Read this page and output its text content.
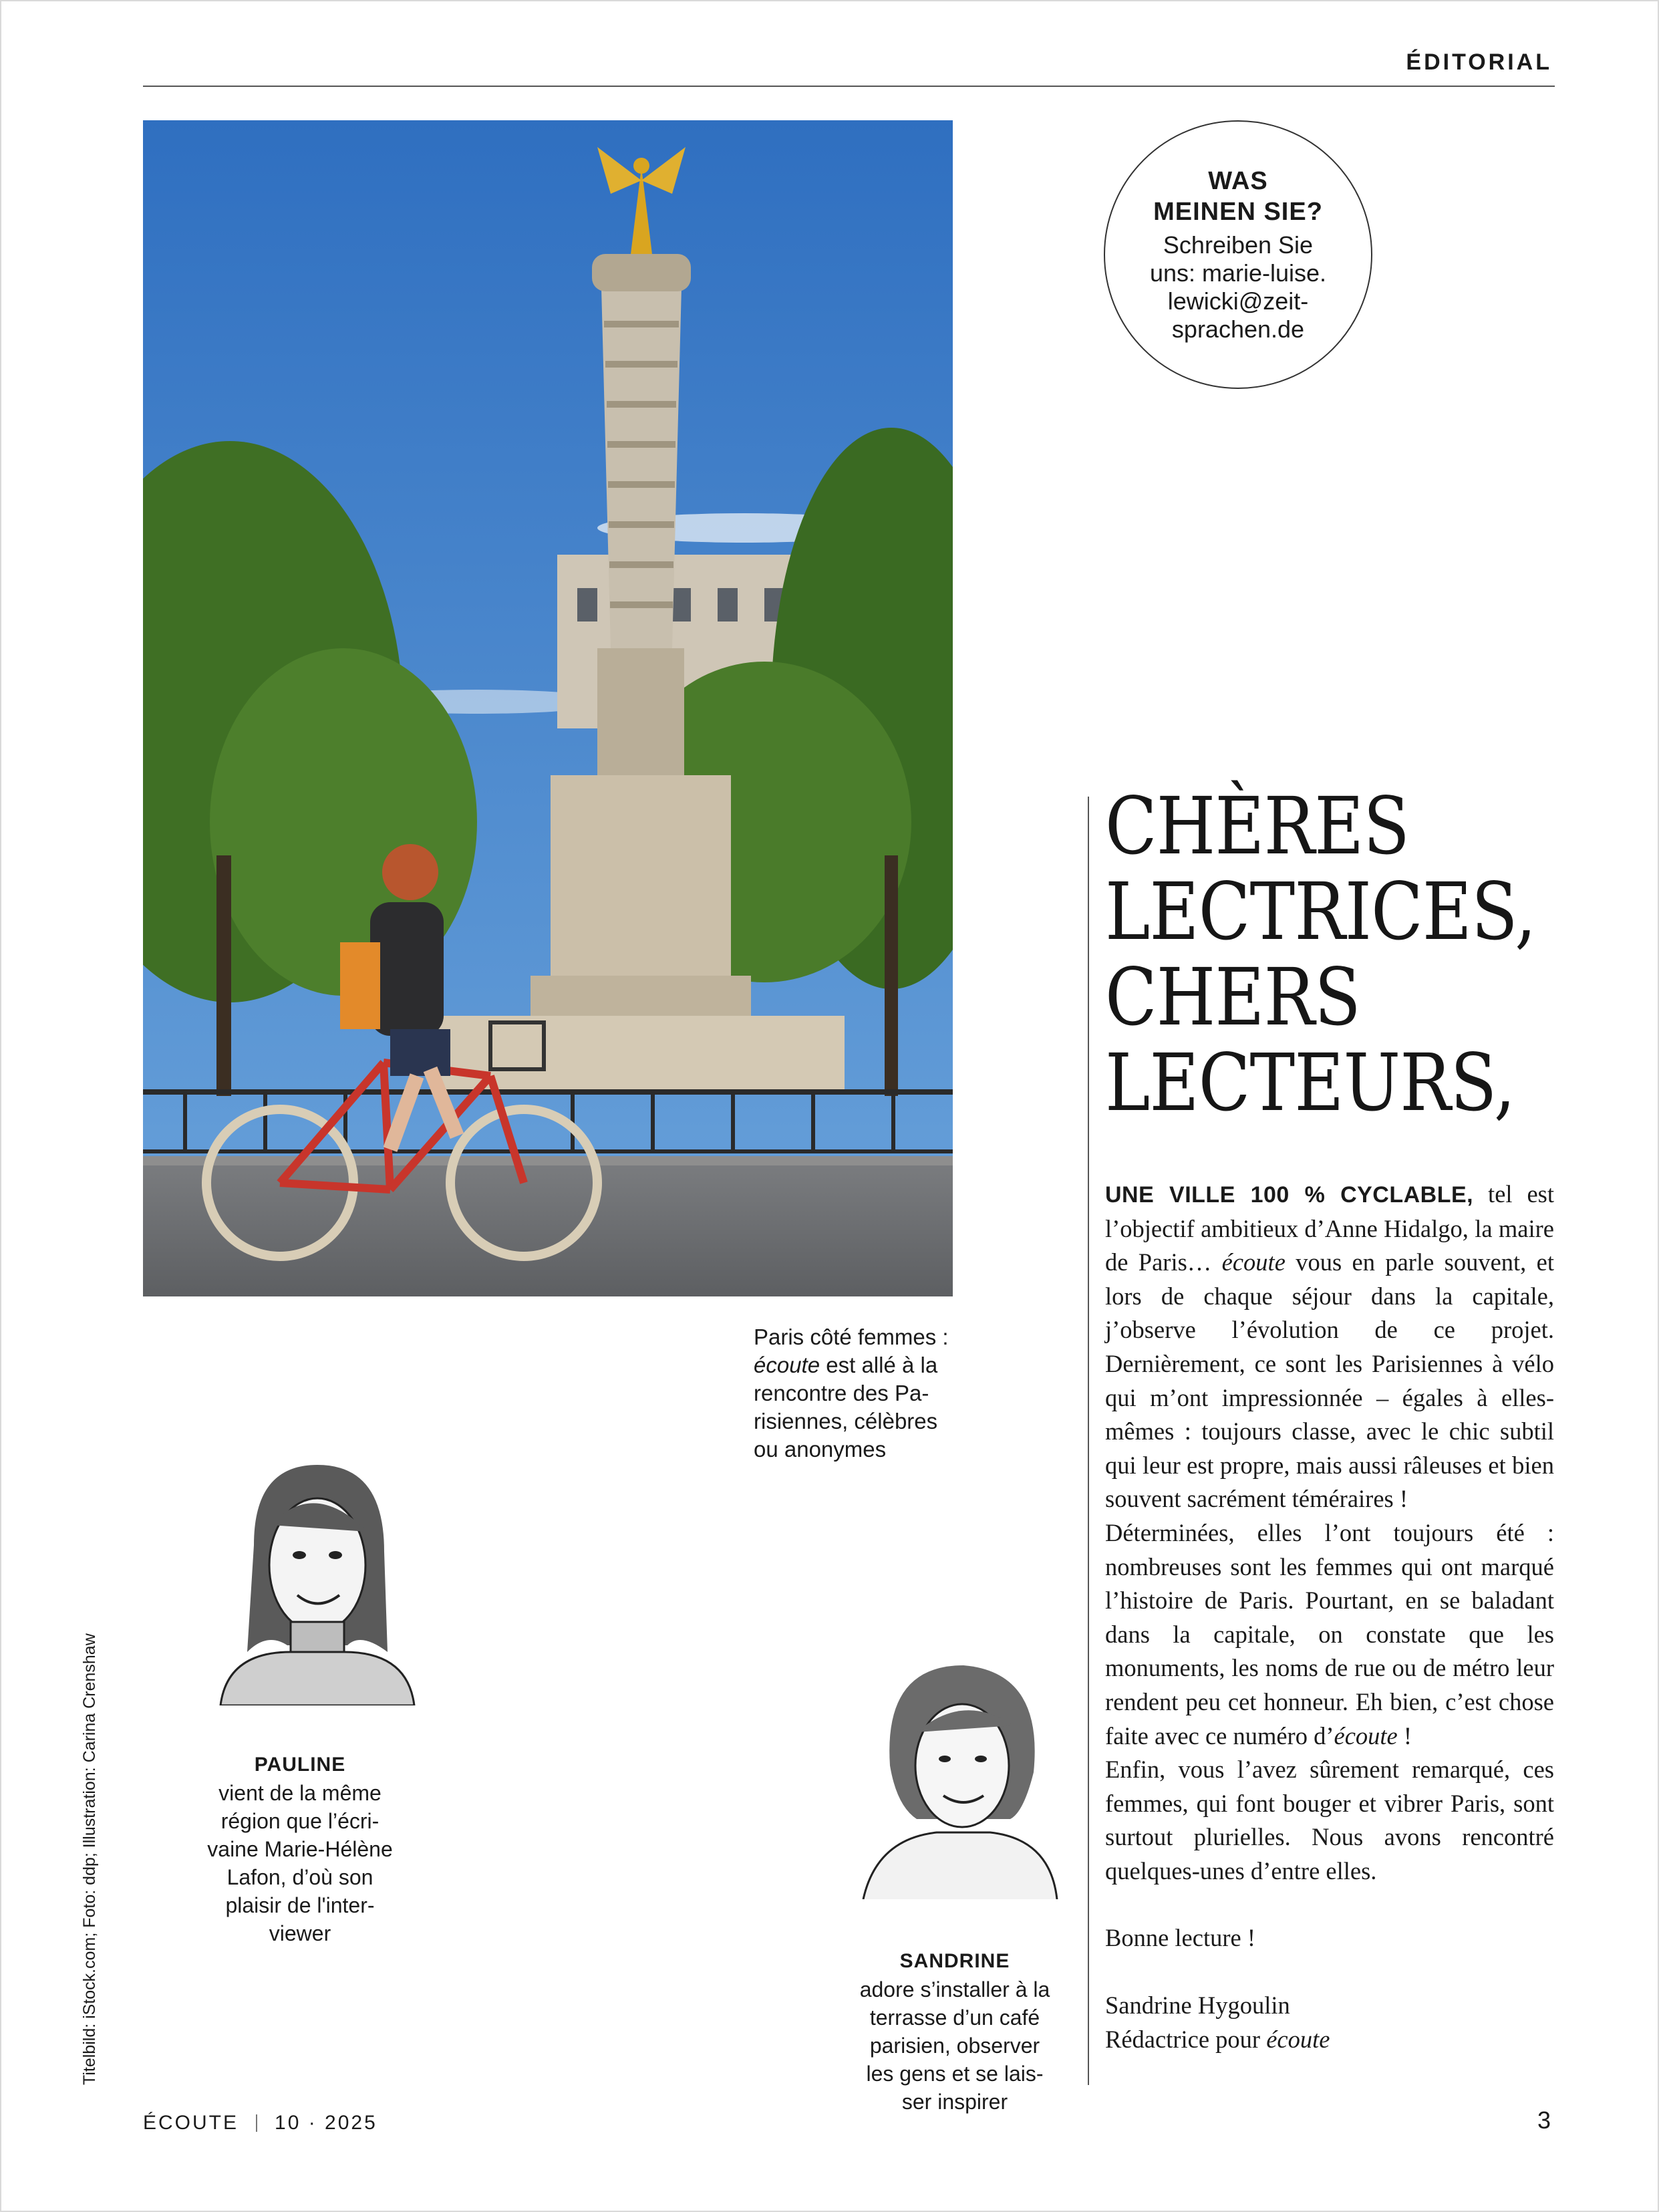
ÉDITORIAL
WAS
MEINEN SIE?
Schreiben Sie
uns: marie-luise.
lewicki@zeit-
sprachen.de
Paris côté femmes :
écoute est allé à la rencontre des Pa-risiennes, célèbres ou anonymes
Titelbild: iStock.com; Foto: ddp; Illustration: Carina Crenshaw	PAULINE
vient de la même
région que l’écri-
vaine Marie-Hélène
Lafon, d’où son
plaisir de l'inter-
viewer

SANDRINE
adore s’installer à la
terrasse d’un café
parisien, observer
les gens et se lais-
ser inspirer

CHÈRES
LECTRICES,
CHERS
LECTEURS,

UNE VILLE 100 % CYCLABLE, tel est l’objectif ambitieux d’Anne Hidalgo, la maire de Paris… écoute vous en parle souvent, et lors de chaque séjour dans la capitale, j’observe l’évolution de ce projet. Dernièrement, ce sont les Parisiennes à vélo qui m’ont impressionnée – égales à elles-mêmes : toujours classe, avec le chic subtil qui leur est propre, mais aussi râleuses et bien souvent sacrément téméraires !

Déterminées, elles l’ont toujours été : nombreuses sont les femmes qui ont marqué l’histoire de Paris. Pourtant, en se baladant dans la capitale, on constate que les monuments, les noms de rue ou de métro leur rendent peu cet honneur. Eh bien, c’est chose faite avec ce numéro d’écoute !

Enfin, vous l’avez sûrement remarqué, ces femmes, qui font bouger et vibrer Paris, sont surtout plurielles. Nous avons rencontré quelques-unes d’entre elles.

Bonne lecture !

Sandrine Hygoulin

Rédactrice pour écoute

ÉCOUTE 10 · 2025	3
